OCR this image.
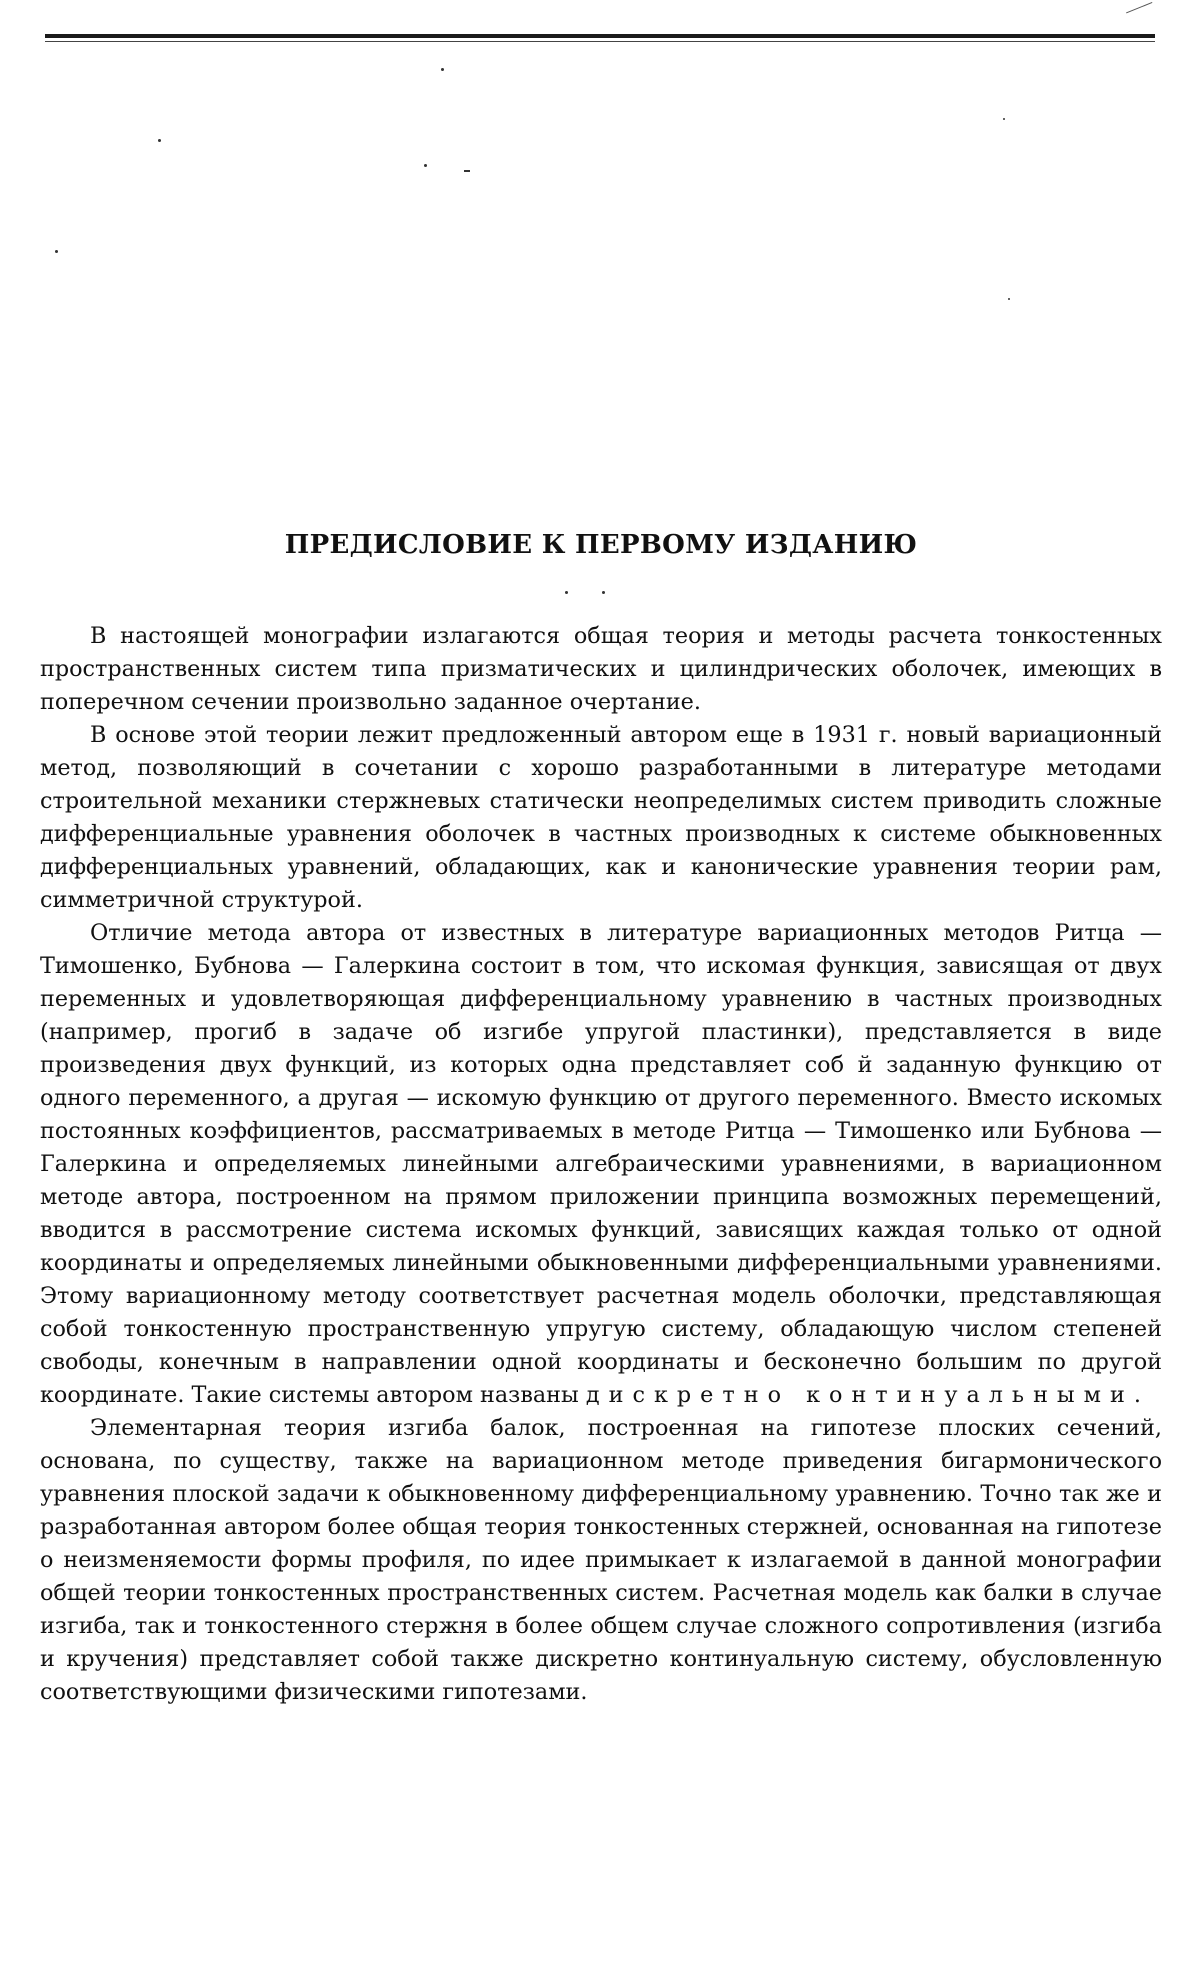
ПРЕДИСЛОВИЕ К ПЕРВОМУ ИЗДАНИЮ

В настоящей монографии излагаются общая теория и методы расчета тонкостенных пространственных систем типа призматических и цилиндрических оболочек, имеющих в поперечном сечении произвольно заданное очертание.

В основе этой теории лежит предложенный автором еще в 1931 г. новый вариационный метод, позволяющий в сочетании с хорошо разработанными в литературе методами строительной механики стержневых статически неопределимых систем приводить сложные дифференциальные уравнения оболочек в частных производных к системе обыкновенных дифференциальных уравнений, обладающих, как и канонические уравнения теории рам, симметричной структурой.

Отличие метода автора от известных в литературе вариационных методов Ритца — Тимошенко, Бубнова — Галеркина состоит в том, что искомая функция, зависящая от двух переменных и удовлетворяющая дифференциальному уравнению в частных производных (например, прогиб в задаче об изгибе упругой пластинки), представляется в виде произведения двух функций, из которых одна представляет соб й заданную функцию от одного переменного, а другая — искомую функцию от другого переменного. Вместо искомых постоянных коэффициентов, рассматриваемых в методе Ритца — Тимошенко или Бубнова — Галеркина и определяемых линейными алгебраическими уравнениями, в вариационном методе автора, построенном на прямом приложении принципа возможных перемещений, вводится в рассмотрение система искомых функций, зависящих каждая только от одной координаты и определяемых линейными обыкновенными дифференциальными уравнениями. Этому вариационному методу соответствует расчетная модель оболочки, представляющая собой тонкостенную пространственную упругую систему, обладающую числом степеней свободы, конечным в направлении одной координаты и бесконечно большим по другой координате. Такие системы автором названы дискретно континуальными.

Элементарная теория изгиба балок, построенная на гипотезе плоских сечений, основана, по существу, также на вариационном методе приведения бигармонического уравнения плоской задачи к обыкновенному дифференциальному уравнению. Точно так же и разработанная автором более общая теория тонкостенных стержней, основанная на гипотезе о неизменяемости формы профиля, по идее примыкает к излагаемой в данной монографии общей теории тонкостенных пространственных систем. Расчетная модель как балки в случае изгиба, так и тонкостенного стержня в более общем случае сложного сопротивления (изгиба и кручения) представляет собой также дискретно континуальную систему, обусловленную соответствующими физическими гипотезами.
